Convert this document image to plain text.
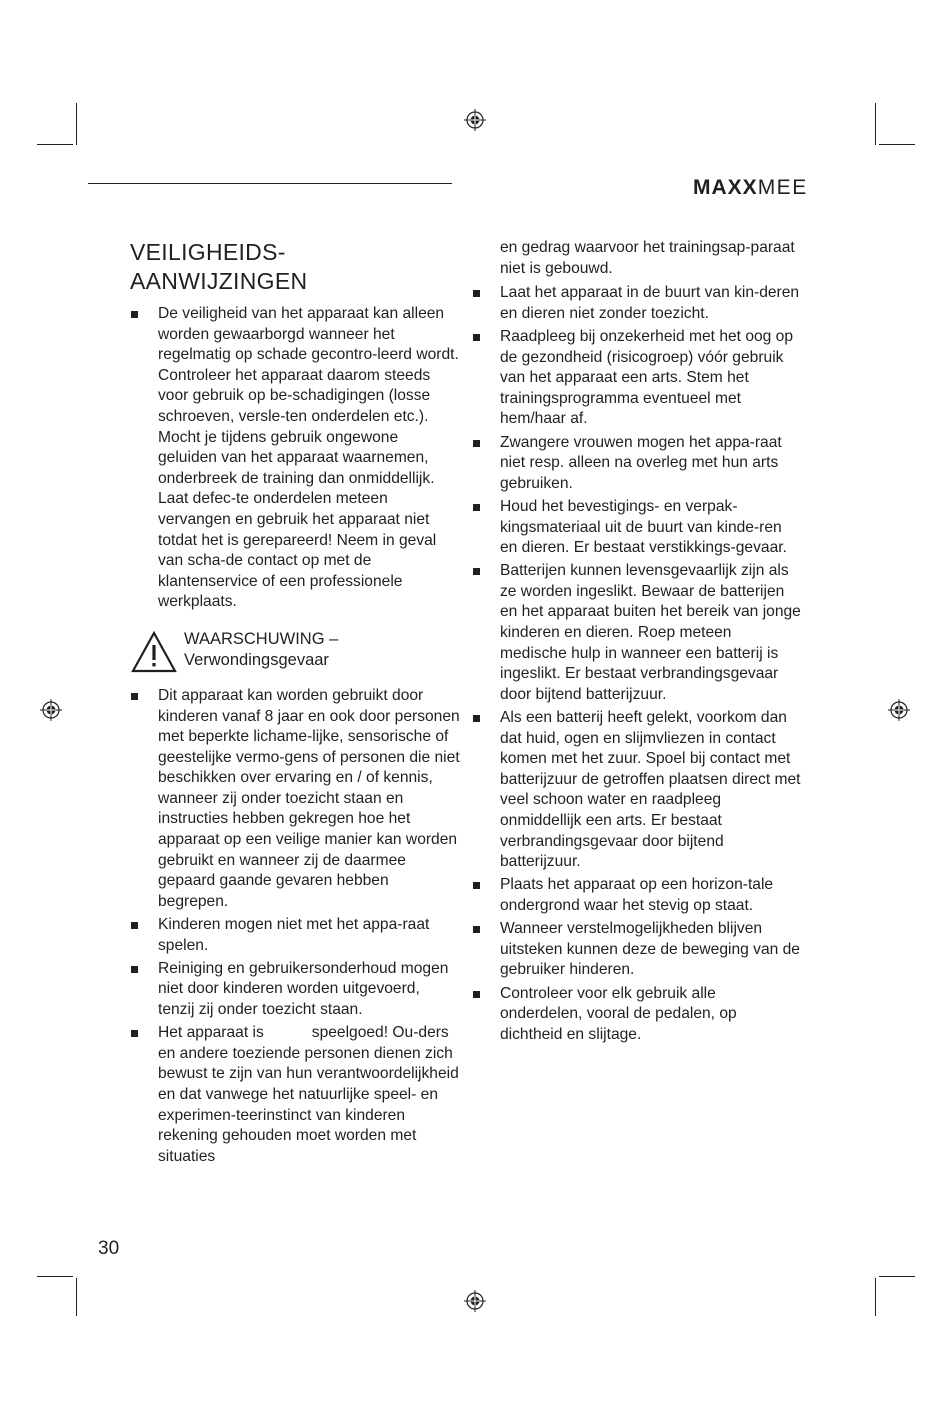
MAXXMEE
VEILIGHEIDS-
AANWIJZINGEN
De veiligheid van het apparaat kan alleen worden gewaarborgd wanneer het regelmatig op schade gecontro-leerd wordt. Controleer het apparaat daarom steeds voor gebruik op be-schadigingen (losse schroeven, versle-ten onderdelen etc.). Mocht je tijdens gebruik ongewone geluiden van het apparaat waarnemen, onderbreek de training dan onmiddellijk. Laat defec-te onderdelen meteen vervangen en gebruik het apparaat niet totdat het is gerepareerd! Neem in geval van scha-de contact op met de klantenservice of een professionele werkplaats.
WAARSCHUWING –
Verwondingsgevaar
Dit apparaat kan worden gebruikt door kinderen vanaf 8 jaar en ook door personen met beperkte lichame-lijke, sensorische of geestelijke vermo-gens of personen die niet beschikken over ervaring en / of kennis, wanneer zij onder toezicht staan en instructies hebben gekregen hoe het apparaat op een veilige manier kan worden gebruikt en wanneer zij de daarmee gepaard gaande gevaren hebben begrepen.
Kinderen mogen niet met het appa-raat spelen.
Reiniging en gebruikersonderhoud mogen niet door kinderen worden uitgevoerd, tenzij zij onder toezicht staan.
Het apparaat is	speelgoed! Ou-ders en andere toeziende personen dienen zich bewust te zijn van hun verantwoordelijkheid en dat vanwege het natuurlijke speel- en experimen-teerinstinct van kinderen rekening gehouden moet worden met situaties
en gedrag waarvoor het trainingsap-paraat niet is gebouwd.
Laat het apparaat in de buurt van kin-deren en dieren niet zonder toezicht.
Raadpleeg bij onzekerheid met het oog op de gezondheid (risicogroep) vóór gebruik van het apparaat een arts. Stem het trainingsprogramma eventueel met hem/haar af.
Zwangere vrouwen mogen het appa-raat niet resp. alleen na overleg met hun arts gebruiken.
Houd het bevestigings- en verpak-kingsmateriaal uit de buurt van kinde-ren en dieren. Er bestaat verstikkings-gevaar.
Batterijen kunnen levensgevaarlijk zijn als ze worden ingeslikt. Bewaar de batterijen en het apparaat buiten het bereik van jonge kinderen en dieren. Roep meteen medische hulp in wanneer een batterij is ingeslikt. Er bestaat verbrandingsgevaar door bijtend batterijzuur.
Als een batterij heeft gelekt, voorkom dan dat huid, ogen en slijmvliezen in contact komen met het zuur. Spoel bij contact met batterijzuur de getroffen plaatsen direct met veel schoon water en raadpleeg onmiddellijk een arts. Er bestaat verbrandingsgevaar door bijtend batterijzuur.
Plaats het apparaat op een horizon-tale ondergrond waar het stevig op staat.
Wanneer verstelmogelijkheden blijven uitsteken kunnen deze de beweging van de gebruiker hinderen.
Controleer voor elk gebruik alle onderdelen, vooral de pedalen, op dichtheid en slijtage.
30
